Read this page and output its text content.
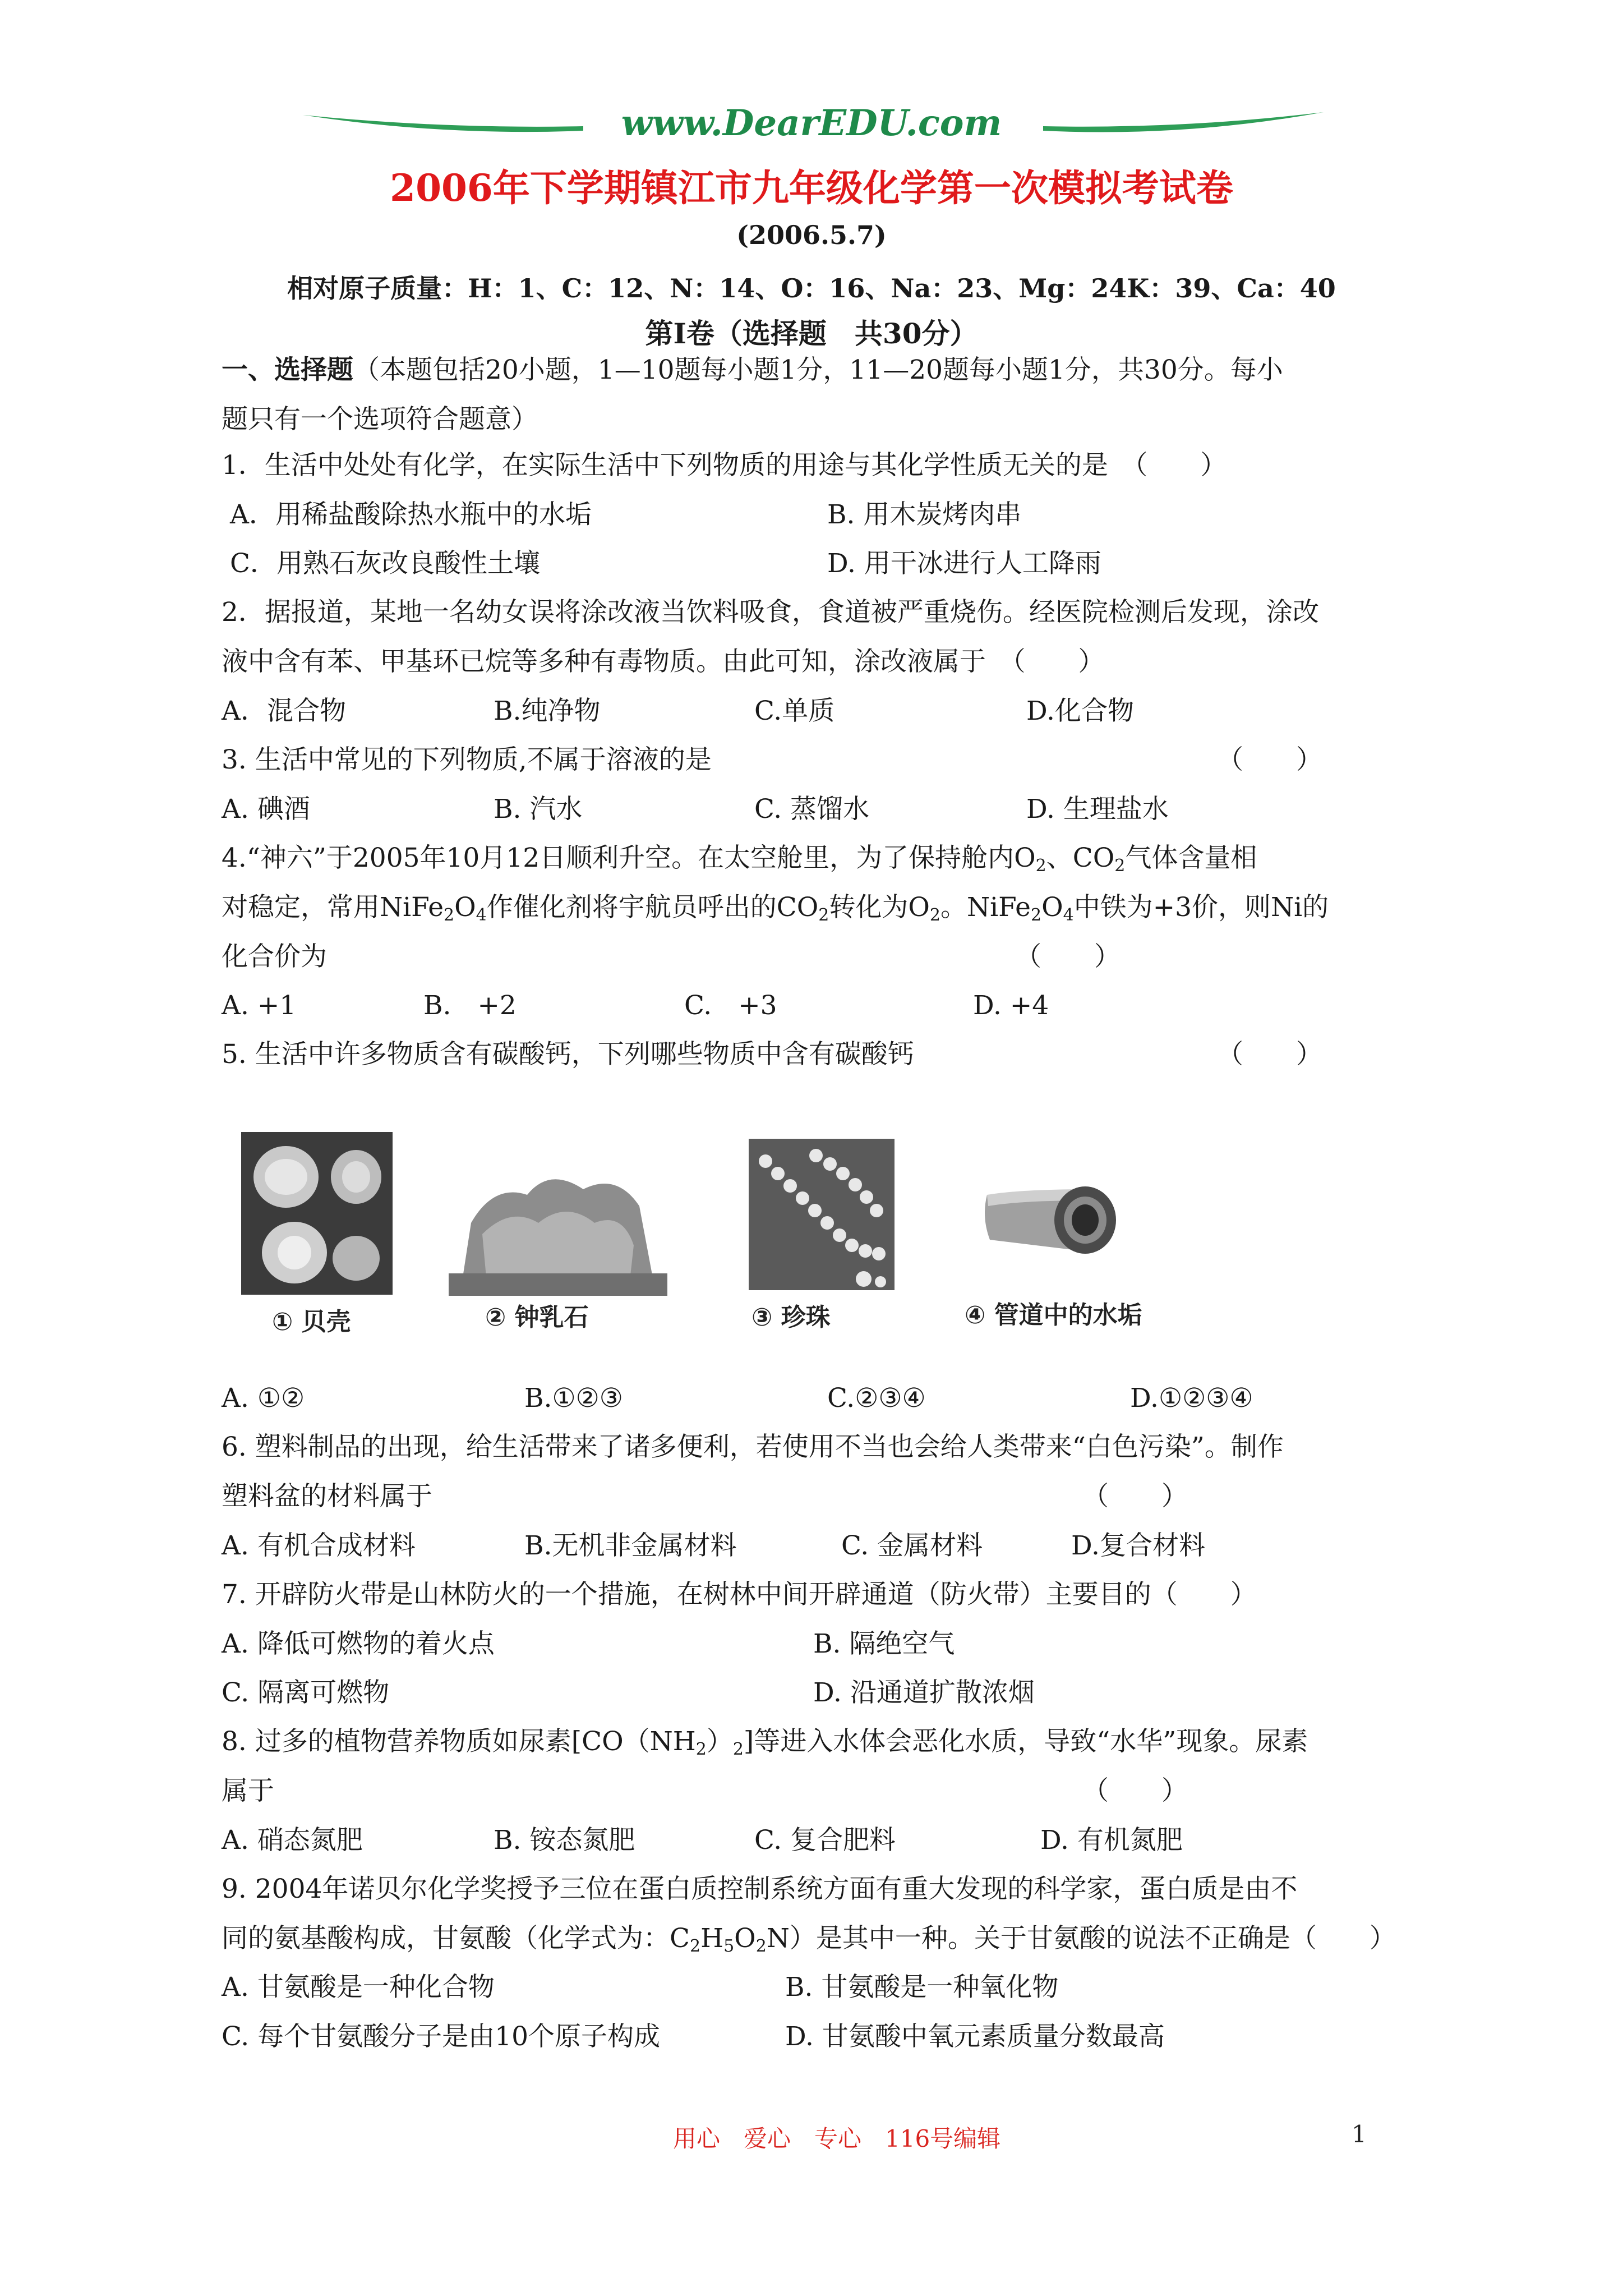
www.DearEDU.com
2006年下学期镇江市九年级化学第一次模拟考试卷
(2006.5.7)
相对原子质量：H：1、C：12、N：14、O：16、Na：23、Mg：24K：39、Ca：40
第Ⅰ卷（选择题　共30分）
一、选择题（本题包括20小题，1—10题每小题1分，11—20题每小题1分，共30分。每小
题只有一个选项符合题意）
1．生活中处处有化学，在实际生活中下列物质的用途与其化学性质无关的是　（　　）
A．用稀盐酸除热水瓶中的水垢	B. 用木炭烤肉串
C．用熟石灰改良酸性土壤	D. 用干冰进行人工降雨
2．据报道，某地一名幼女误将涂改液当饮料吸食，食道被严重烧伤。经医院检测后发现，涂改
液中含有苯、甲基环已烷等多种有毒物质。由此可知，涂改液属于　（　　）
A．混合物	B.纯净物	C.单质	D.化合物
3. 生活中常见的下列物质,不属于溶液的是	（　　）
A. 碘酒	B. 汽水	C. 蒸馏水	D. 生理盐水
4.“神六”于2005年10月12日顺利升空。在太空舱里，为了保持舱内$O_2$、$CO_2$气体含量相
对稳定，常用$NiFe_2O_4$作催化剂将宇航员呼出的$CO_2$转化为$O_2$。$NiFe_2O_4$中铁为+3价，则Ni的
化合价为	（　　）
A. +1	B.　+2	C.　+3	D. +4
5. 生活中许多物质含有碳酸钙，下列哪些物质中含有碳酸钙	（　　）
① 贝壳	② 钟乳石	③ 珍珠	④ 管道中的水垢
A. ①②	B.①②③	C.②③④	D.①②③④
6. 塑料制品的出现，给生活带来了诸多便利，若使用不当也会给人类带来“白色污染”。制作
塑料盆的材料属于	（　　）
A. 有机合成材料	B.无机非金属材料	C. 金属材料	D.复合材料
7. 开辟防火带是山林防火的一个措施，在树林中间开辟通道（防火带）主要目的（　　）
A. 降低可燃物的着火点	B. 隔绝空气
C. 隔离可燃物	D. 沿通道扩散浓烟
8. 过多的植物营养物质如尿素$[CO(NH_2)_2]$等进入水体会恶化水质，导致“水华”现象。尿素
属于	（　　）
A. 硝态氮肥	B. 铵态氮肥	C. 复合肥料	D. 有机氮肥
9. 2004年诺贝尔化学奖授予三位在蛋白质控制系统方面有重大发现的科学家，蛋白质是由不
同的氨基酸构成，甘氨酸（化学式为：$C_2H_5O_2N$）是其中一种。关于甘氨酸的说法不正确是（　　）
A. 甘氨酸是一种化合物	B. 甘氨酸是一种氧化物
C. 每个甘氨酸分子是由10个原子构成	D. 甘氨酸中氧元素质量分数最高
用心　爱心　专心　116号编辑	1
